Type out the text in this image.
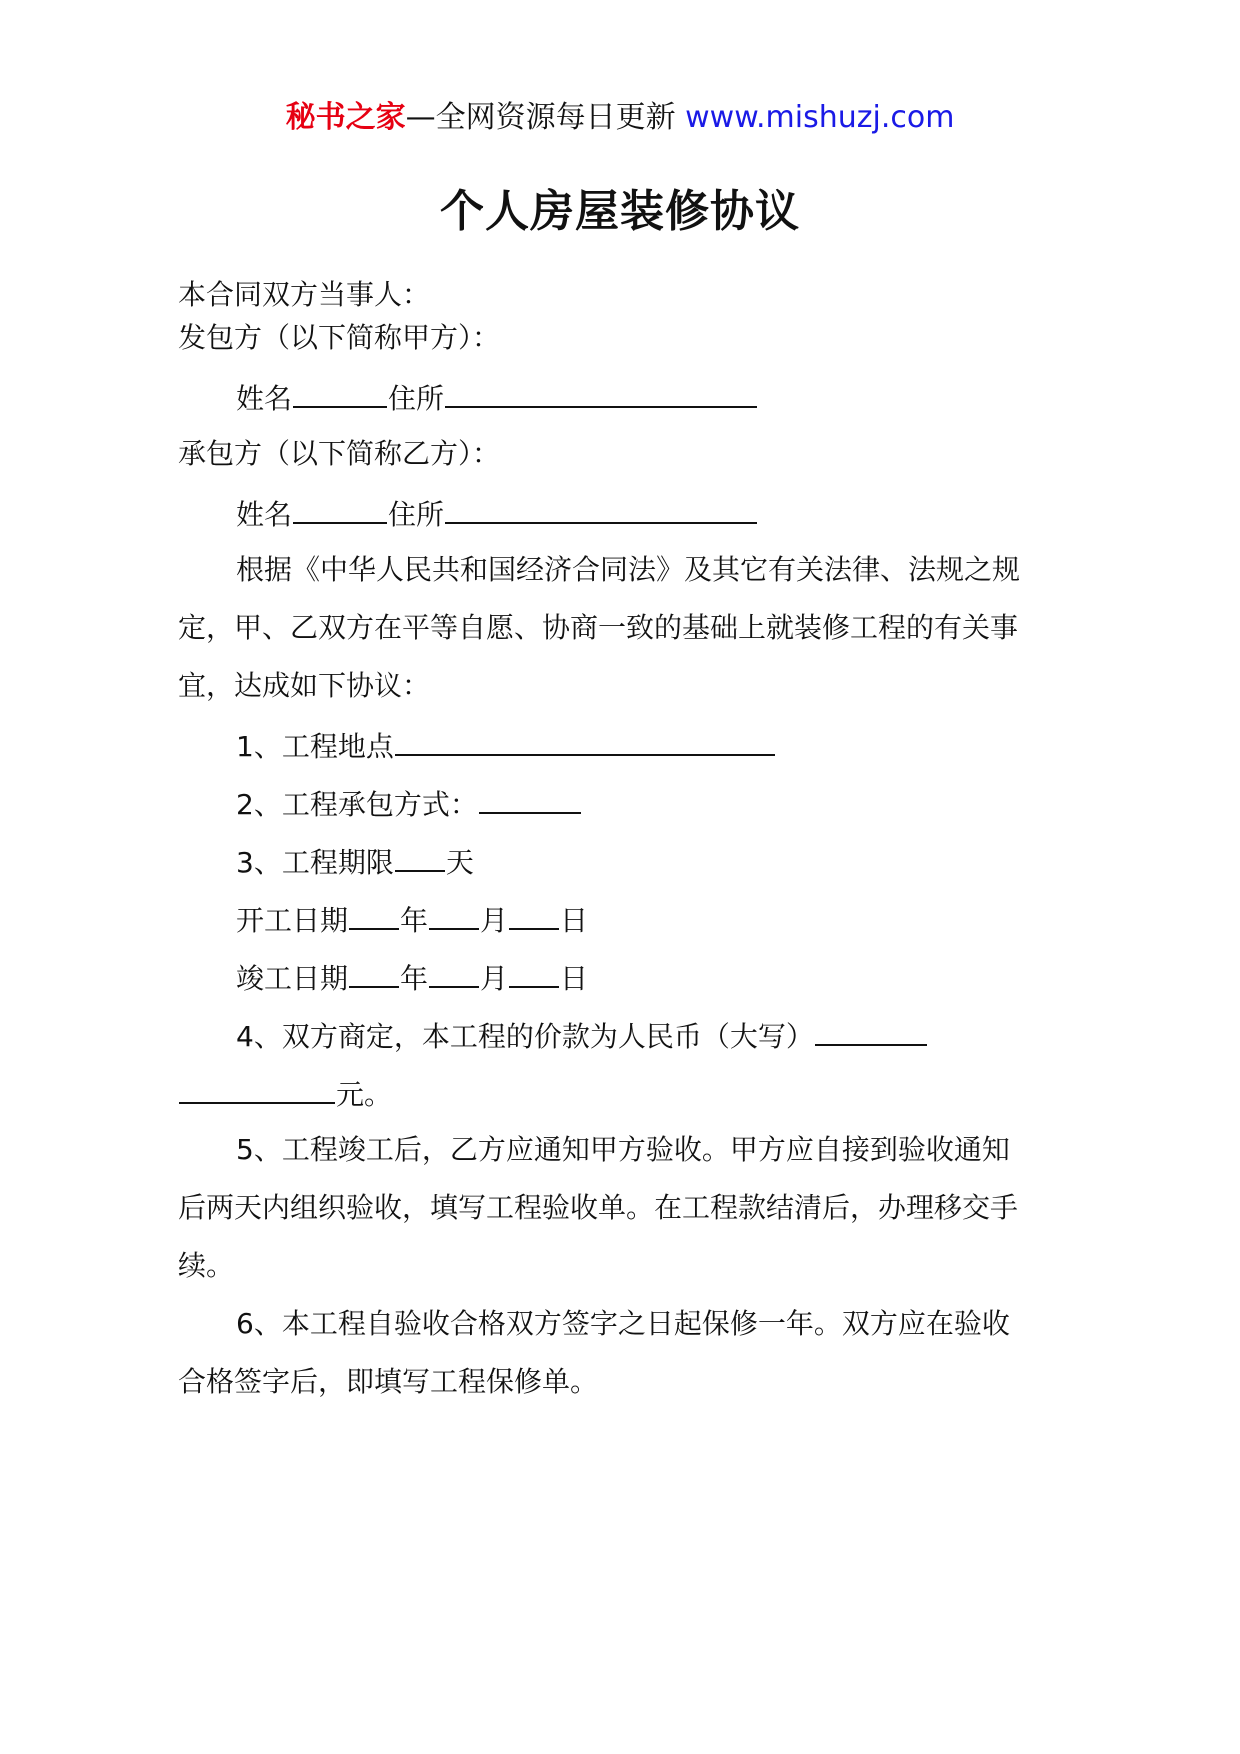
秘书之家—全网资源每日更新 www.mishuzj.com
个人房屋装修协议
本合同双方当事人：
发包方（以下简称甲方）：
姓名	住所
承包方（以下简称乙方）：
姓名	住所
根据《中华人民共和国经济合同法》及其它有关法律、法规之规
定，甲、乙双方在平等自愿、协商一致的基础上就装修工程的有关事
宜，达成如下协议：
1、工程地点
2、工程承包方式：
3、工程期限 天
开工日期 年 月 日
竣工日期 年 月 日
4、双方商定，本工程的价款为人民币（大写）
元。
5、工程竣工后，乙方应通知甲方验收。甲方应自接到验收通知
后两天内组织验收，填写工程验收单。在工程款结清后，办理移交手
续。
6、本工程自验收合格双方签字之日起保修一年。双方应在验收
合格签字后，即填写工程保修单。
